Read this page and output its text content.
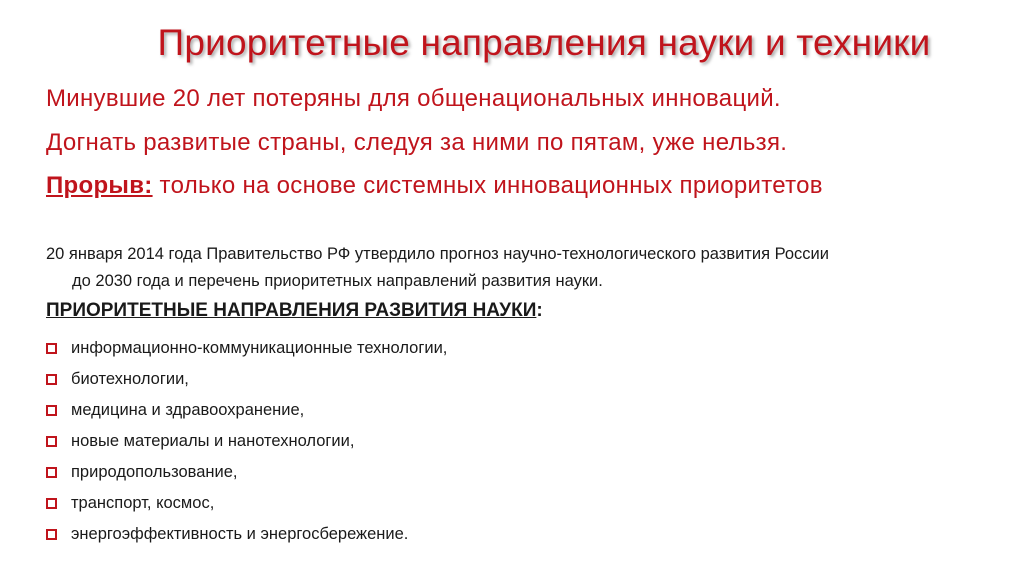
Приоритетные направления науки и техники
Минувшие 20 лет потеряны для общенациональных инноваций.
Догнать развитые страны, следуя за ними по пятам, уже нельзя.
Прорыв: только на основе системных инновационных приоритетов
20 января 2014 года Правительство РФ утвердило прогноз научно-технологического развития России
до 2030 года и перечень приоритетных направлений развития науки.
ПРИОРИТЕТНЫЕ НАПРАВЛЕНИЯ РАЗВИТИЯ НАУКИ:
информационно-коммуникационные технологии,
биотехнологии,
медицина и здравоохранение,
новые материалы и нанотехнологии,
природопользование,
транспорт, космос,
энергоэффективность и энергосбережение.
